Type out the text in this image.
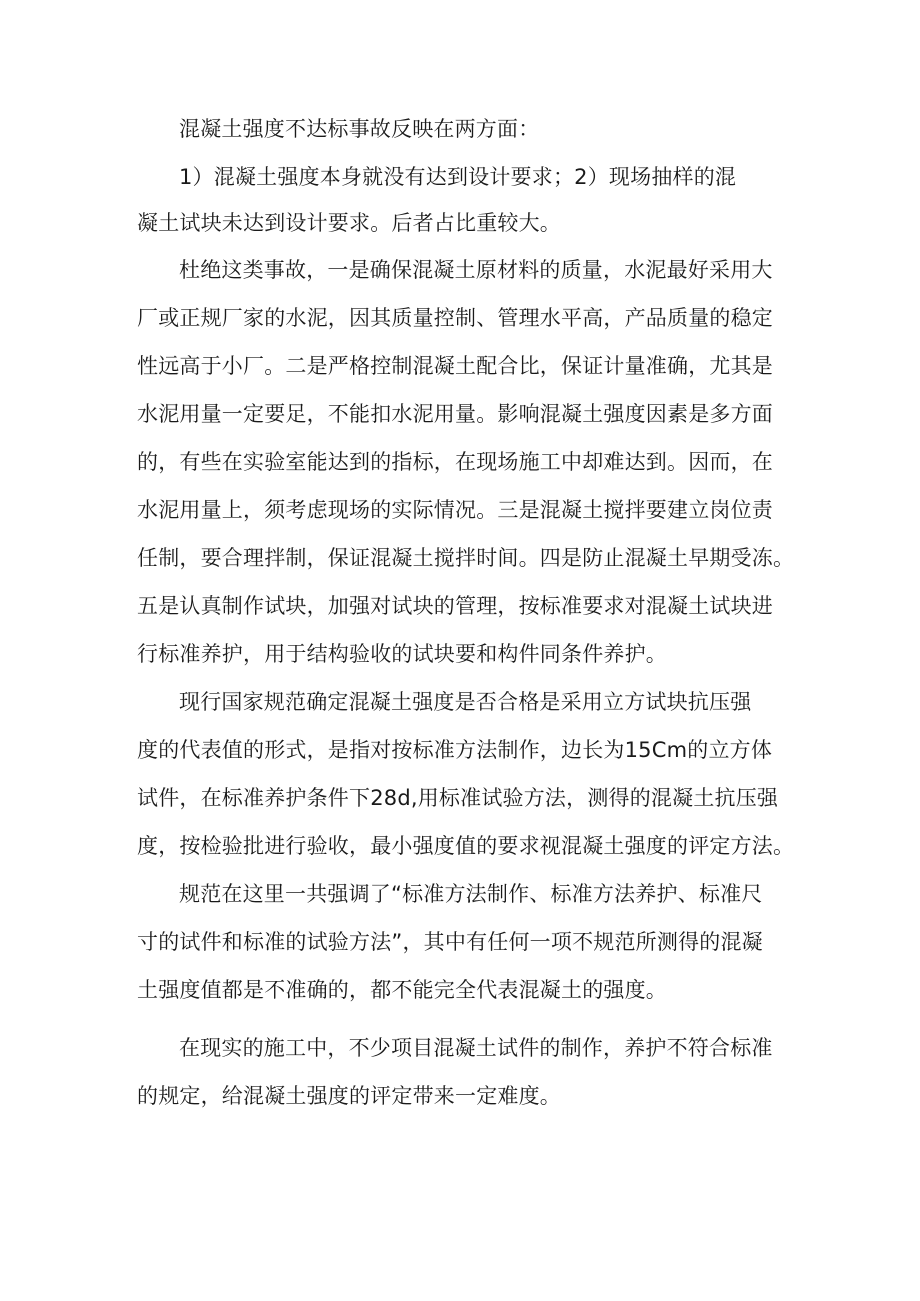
混凝土强度不达标事故反映在两方面：
1）混凝土强度本身就没有达到设计要求；2）现场抽样的混
凝土试块未达到设计要求。后者占比重较大。
杜绝这类事故，一是确保混凝土原材料的质量，水泥最好采用大
厂或正规厂家的水泥，因其质量控制、管理水平高，产品质量的稳定
性远高于小厂。二是严格控制混凝土配合比，保证计量准确，尤其是
水泥用量一定要足，不能扣水泥用量。影响混凝土强度因素是多方面
的，有些在实验室能达到的指标，在现场施工中却难达到。因而，在
水泥用量上，须考虑现场的实际情况。三是混凝土搅拌要建立岗位责
任制，要合理拌制，保证混凝土搅拌时间。四是防止混凝土早期受冻。
五是认真制作试块，加强对试块的管理，按标准要求对混凝土试块进
行标准养护，用于结构验收的试块要和构件同条件养护。
现行国家规范确定混凝土强度是否合格是采用立方试块抗压强
度的代表值的形式，是指对按标准方法制作，边长为15Cm的立方体
试件，在标准养护条件下28d,用标准试验方法，测得的混凝土抗压强
度，按检验批进行验收，最小强度值的要求视混凝土强度的评定方法。
规范在这里一共强调了“标准方法制作、标准方法养护、标准尺
寸的试件和标准的试验方法”，其中有任何一项不规范所测得的混凝
土强度值都是不准确的，都不能完全代表混凝土的强度。
在现实的施工中，不少项目混凝土试件的制作，养护不符合标准
的规定，给混凝土强度的评定带来一定难度。
